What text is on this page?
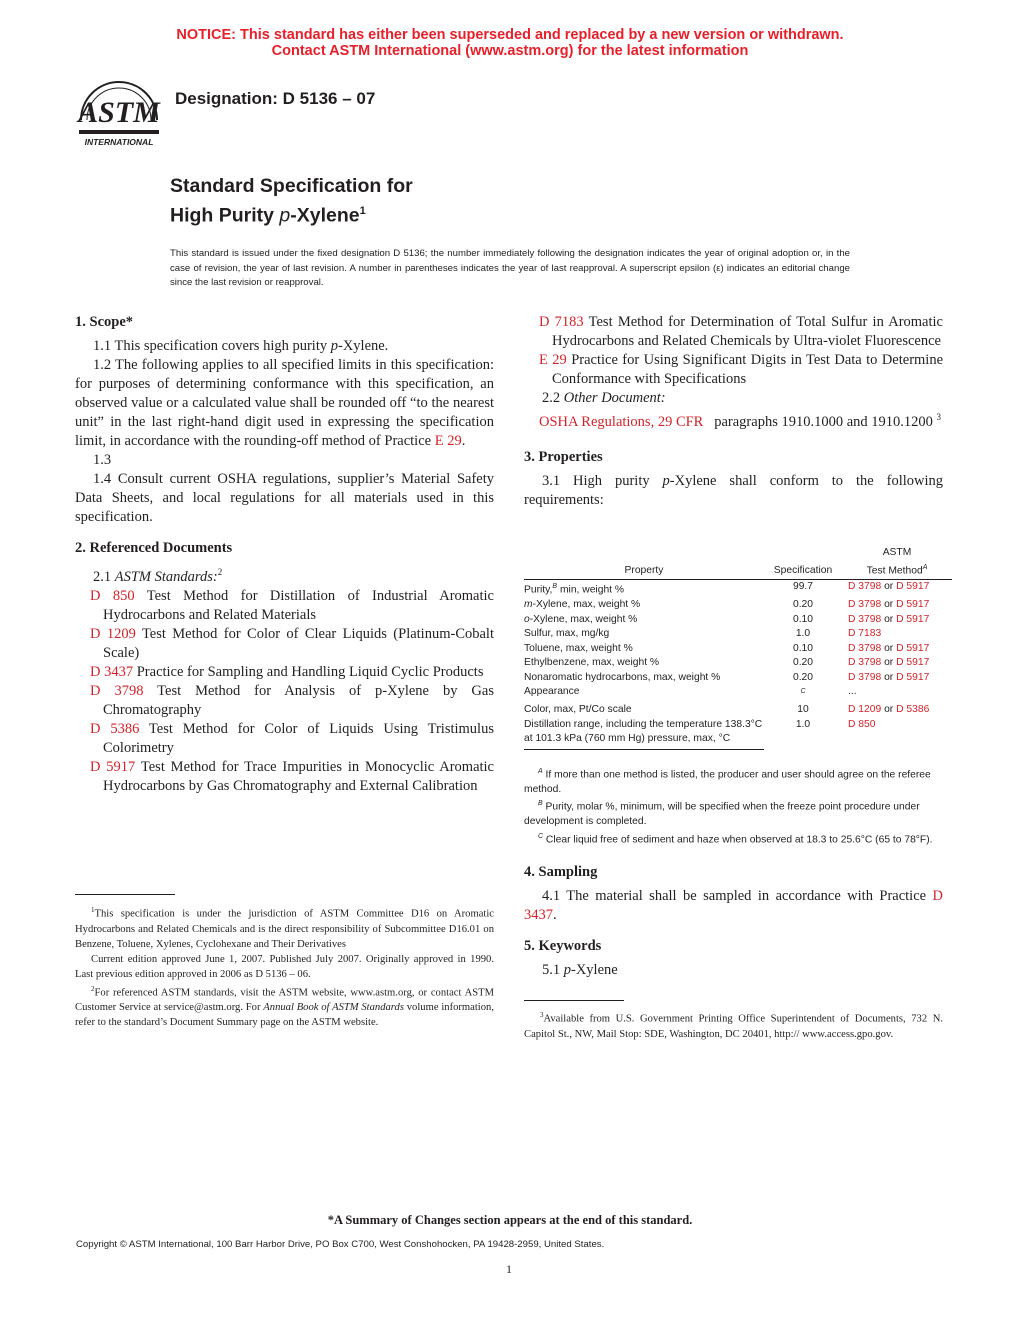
NOTICE: This standard has either been superseded and replaced by a new version or withdrawn.
Contact ASTM International (www.astm.org) for the latest information
ASTM
INTERNATIONAL
Designation: D 5136 – 07
Standard Specification for
High Purity p-Xylene$^1$
This standard is issued under the fixed designation D 5136; the number immediately following the designation indicates the year of original adoption or, in the case of revision, the year of last revision. A number in parentheses indicates the year of last reapproval. A superscript epsilon (ε) indicates an editorial change since the last revision or reapproval.

1. Scope*

1.1 This specification covers high purity p-Xylene.

1.2 The following applies to all specified limits in this specification: for purposes of determining conformance with this specification, an observed value or a calculated value shall be rounded off “to the nearest unit” in the last right-hand digit used in expressing the specification limit, in accordance with the rounding-off method of Practice E 29.

1.3

1.4 Consult current OSHA regulations, supplier’s Material Safety Data Sheets, and local regulations for all materials used in this specification.

2. Referenced Documents

2.1 ASTM Standards:$^2$

D 850 Test Method for Distillation of Industrial Aromatic Hydrocarbons and Related Materials

D 1209 Test Method for Color of Clear Liquids (Platinum-Cobalt Scale)

D 3437 Practice for Sampling and Handling Liquid Cyclic Products

D 3798 Test Method for Analysis of p-Xylene by Gas Chromatography

D 5386 Test Method for Color of Liquids Using Tristimulus Colorimetry

D 5917 Test Method for Trace Impurities in Monocyclic Aromatic Hydrocarbons by Gas Chromatography and External Calibration

$^1$This specification is under the jurisdiction of ASTM Committee D16 on Aromatic Hydrocarbons and Related Chemicals and is the direct responsibility of Subcommittee D16.01 on Benzene, Toluene, Xylenes, Cyclohexane and Their Derivatives

Current edition approved June 1, 2007. Published July 2007. Originally approved in 1990. Last previous edition approved in 2006 as D 5136 – 06.

$^2$For referenced ASTM standards, visit the ASTM website, www.astm.org, or contact ASTM Customer Service at service@astm.org. For Annual Book of ASTM Standards volume information, refer to the standard’s Document Summary page on the ASTM website.

D 7183 Test Method for Determination of Total Sulfur in Aromatic Hydrocarbons and Related Chemicals by Ultra-violet Fluorescence

E 29 Practice for Using Significant Digits in Test Data to Determine Conformance with Specifications

2.2 Other Document:

OSHA Regulations, 29 CFR paragraphs 1910.1000 and 1910.1200 $^3$

3. Properties

3.1 High purity p-Xylene shall conform to the following requirements:

Property	Specification	ASTM
Test Method$^A$

Purity,$^B$ min, weight %	99.7	D 3798 or D 5917
m-Xylene, max, weight %	0.20	D 3798 or D 5917
o-Xylene, max, weight %	0.10	D 3798 or D 5917
Sulfur, max, mg/kg	1.0	D 7183
Toluene, max, weight %	0.10	D 3798 or D 5917
Ethylbenzene, max, weight %	0.20	D 3798 or D 5917
Nonaromatic hydrocarbons, max, weight %	0.20	D 3798 or D 5917
Appearance	$^C$	...
Color, max, Pt/Co scale	10	D 1209 or D 5386
Distillation range, including the temperature 138.3°C at 101.3 kPa (760 mm Hg) pressure, max, °C	1.0	D 850

$^A$ If more than one method is listed, the producer and user should agree on the referee method.

$^B$ Purity, molar %, minimum, will be specified when the freeze point procedure under development is completed.

$^C$ Clear liquid free of sediment and haze when observed at 18.3 to 25.6°C (65 to 78°F).

4. Sampling

4.1 The material shall be sampled in accordance with Practice D 3437.

5. Keywords

5.1 p-Xylene

$^3$Available from U.S. Government Printing Office Superintendent of Documents, 732 N. Capitol St., NW, Mail Stop: SDE, Washington, DC 20401, http:// www.access.gpo.gov.

*A Summary of Changes section appears at the end of this standard.
Copyright © ASTM International, 100 Barr Harbor Drive, PO Box C700, West Conshohocken, PA 19428-2959, United States.
1
